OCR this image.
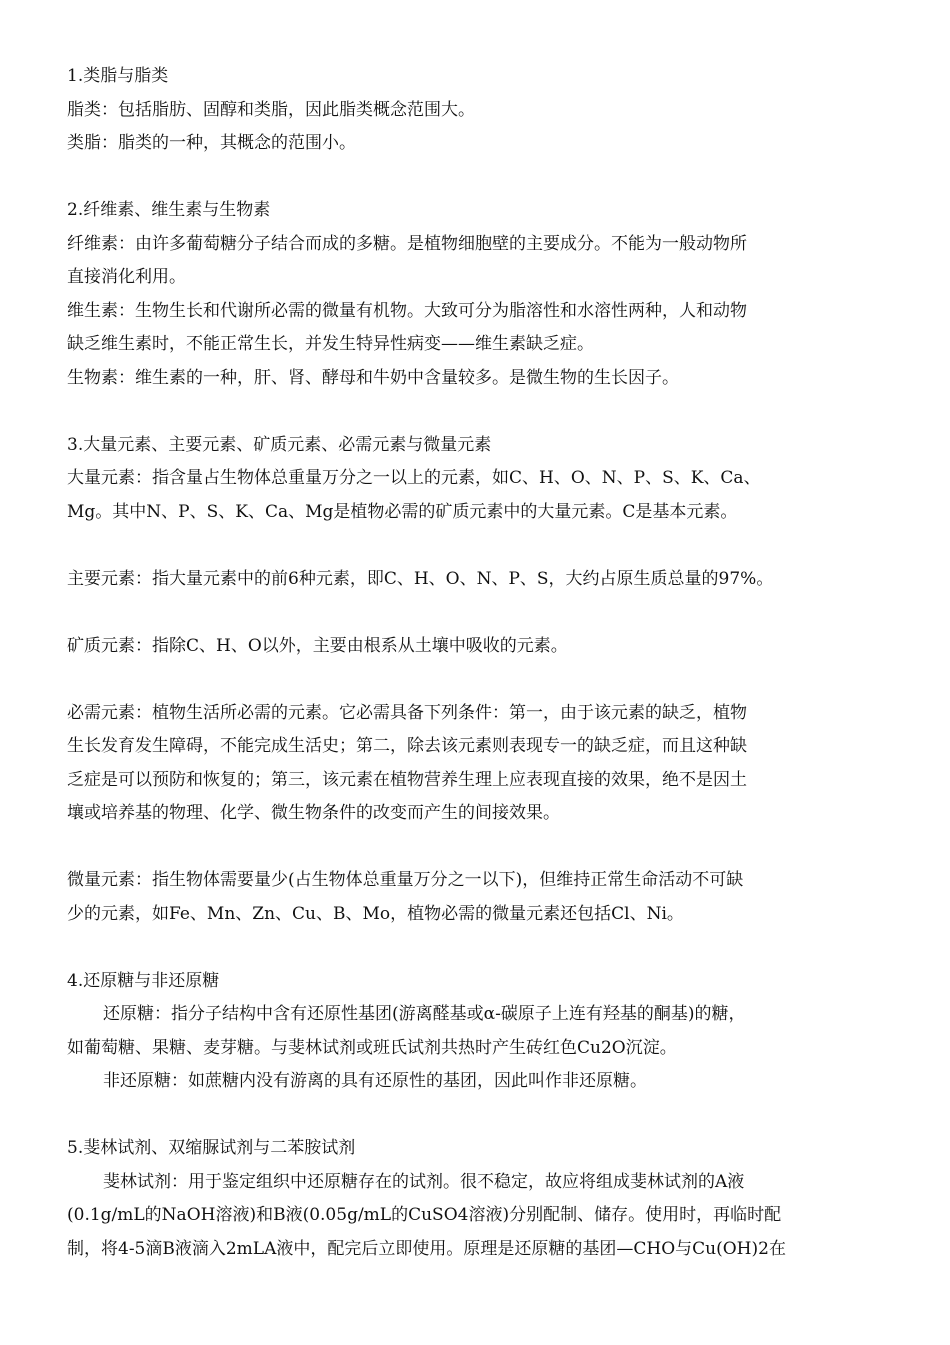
1.类脂与脂类
脂类：包括脂肪、固醇和类脂，因此脂类概念范围大。
类脂：脂类的一种，其概念的范围小。
2.纤维素、维生素与生物素
纤维素：由许多葡萄糖分子结合而成的多糖。是植物细胞壁的主要成分。不能为一般动物所
直接消化利用。
维生素：生物生长和代谢所必需的微量有机物。大致可分为脂溶性和水溶性两种，人和动物
缺乏维生素时，不能正常生长，并发生特异性病变——维生素缺乏症。
生物素：维生素的一种，肝、肾、酵母和牛奶中含量较多。是微生物的生长因子。
3.大量元素、主要元素、矿质元素、必需元素与微量元素
大量元素：指含量占生物体总重量万分之一以上的元素，如C、H、O、N、P、S、K、Ca、
Mg。其中N、P、S、K、Ca、Mg是植物必需的矿质元素中的大量元素。C是基本元素。
主要元素：指大量元素中的前6种元素，即C、H、O、N、P、S，大约占原生质总量的97%。
矿质元素：指除C、H、O以外，主要由根系从土壤中吸收的元素。
必需元素：植物生活所必需的元素。它必需具备下列条件：第一，由于该元素的缺乏，植物
生长发育发生障碍，不能完成生活史；第二，除去该元素则表现专一的缺乏症，而且这种缺
乏症是可以预防和恢复的；第三，该元素在植物营养生理上应表现直接的效果，绝不是因土
壤或培养基的物理、化学、微生物条件的改变而产生的间接效果。
微量元素：指生物体需要量少(占生物体总重量万分之一以下)，但维持正常生命活动不可缺
少的元素，如Fe、Mn、Zn、Cu、B、Mo，植物必需的微量元素还包括Cl、Ni。
4.还原糖与非还原糖
还原糖：指分子结构中含有还原性基团(游离醛基或α-碳原子上连有羟基的酮基)的糖，
如葡萄糖、果糖、麦芽糖。与斐林试剂或班氏试剂共热时产生砖红色Cu2O沉淀。
非还原糖：如蔗糖内没有游离的具有还原性的基团，因此叫作非还原糖。
5.斐林试剂、双缩脲试剂与二苯胺试剂
斐林试剂：用于鉴定组织中还原糖存在的试剂。很不稳定，故应将组成斐林试剂的A液
(0.1g/mL的NaOH溶液)和B液(0.05g/mL的CuSO4溶液)分别配制、储存。使用时，再临时配
制，将4-5滴B液滴入2mLA液中，配完后立即使用。原理是还原糖的基团—CHO与Cu(OH)2在
